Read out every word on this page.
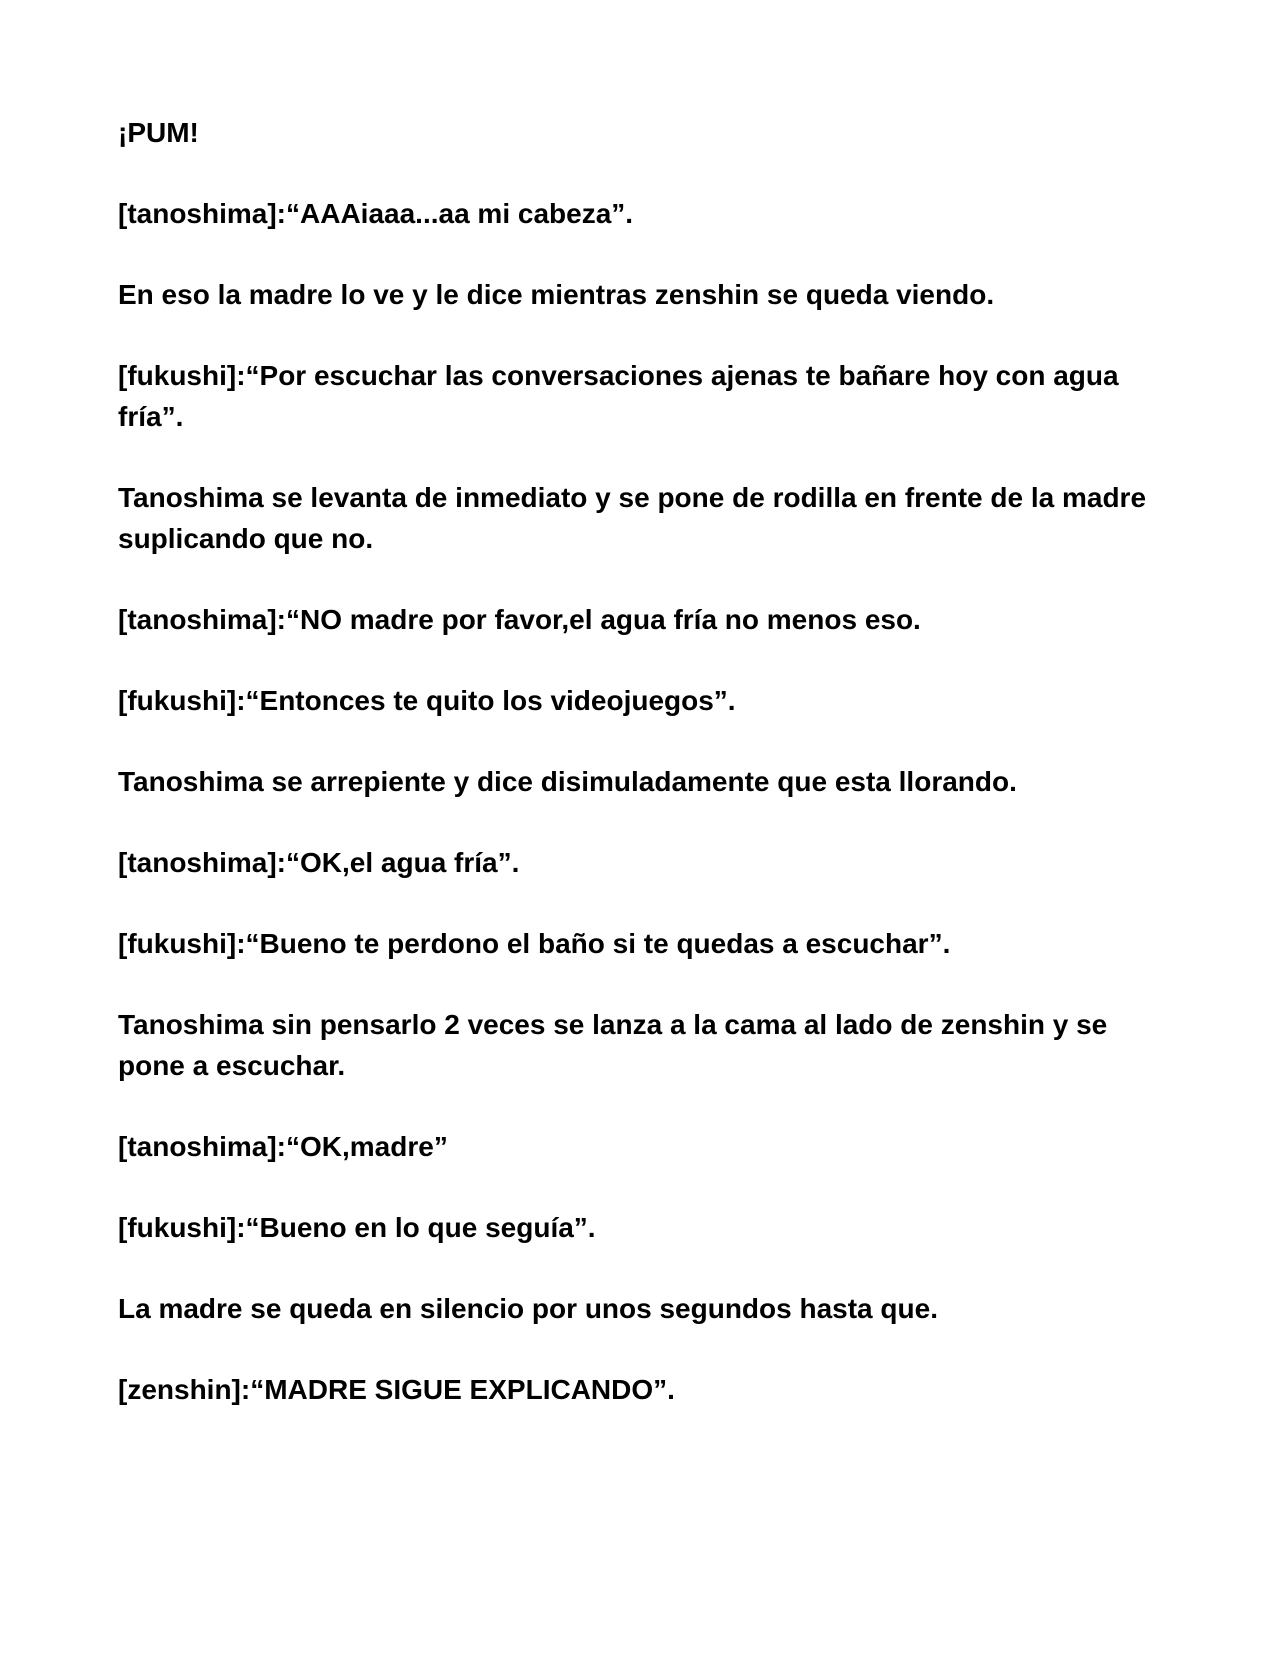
¡PUM!

[tanoshima]:“AAAiaaa...aa mi cabeza”.

En eso la madre lo ve y le dice mientras zenshin se queda viendo.

[fukushi]:“Por escuchar las conversaciones ajenas te bañare hoy con agua fría”.

Tanoshima se levanta de inmediato y se pone de rodilla en frente de la madre suplicando que no.

[tanoshima]:“NO madre por favor,el agua fría no menos eso.

[fukushi]:“Entonces te quito los videojuegos”.

Tanoshima se arrepiente y dice disimuladamente que esta llorando.

[tanoshima]:“OK,el agua fría”.

[fukushi]:“Bueno te perdono el baño si te quedas a escuchar”.

Tanoshima sin pensarlo 2 veces se lanza a la cama al lado de zenshin y se pone a escuchar.

[tanoshima]:“OK,madre”

[fukushi]:“Bueno en lo que seguía”.

La madre se queda en silencio por unos segundos hasta que.

[zenshin]:“MADRE SIGUE EXPLICANDO”.
